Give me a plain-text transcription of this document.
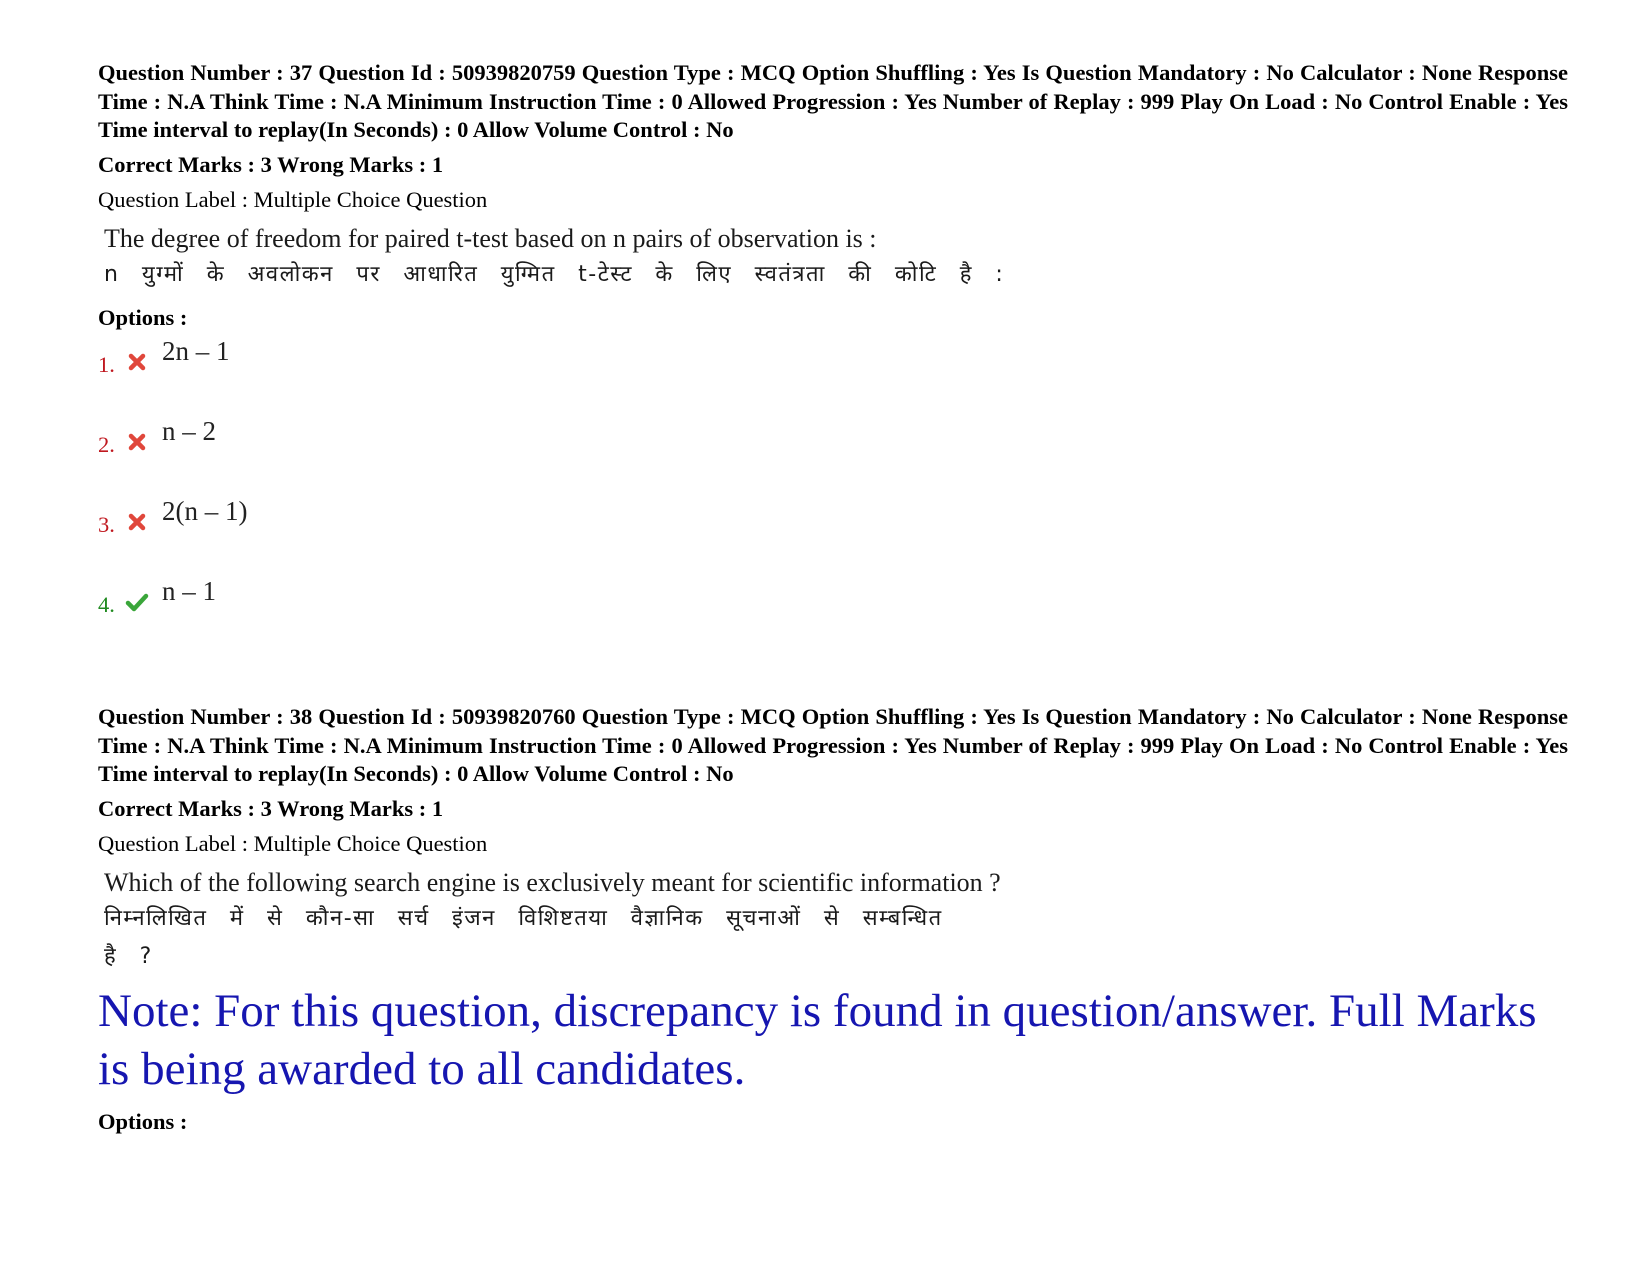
Question Number : 37 Question Id : 50939820759 Question Type : MCQ Option Shuffling : Yes Is Question Mandatory : No Calculator : None Response Time : N.A Think Time : N.A Minimum Instruction Time : 0 Allowed Progression : Yes Number of Replay : 999 Play On Load : No Control Enable : Yes Time interval to replay(In Seconds) : 0 Allow Volume Control : No

Correct Marks : 3 Wrong Marks : 1
Question Label : Multiple Choice Question
The degree of freedom for paired t-test based on n pairs of observation is :
n युग्मों के अवलोकन पर आधारित युग्मित t-टेस्ट के लिए स्वतंत्रता की कोटि है :
Options :
1. 2n – 1
2. n – 2
3. 2(n – 1)
4. n – 1

Question Number : 38 Question Id : 50939820760 Question Type : MCQ Option Shuffling : Yes Is Question Mandatory : No Calculator : None Response Time : N.A Think Time : N.A Minimum Instruction Time : 0 Allowed Progression : Yes Number of Replay : 999 Play On Load : No Control Enable : Yes Time interval to replay(In Seconds) : 0 Allow Volume Control : No

Correct Marks : 3 Wrong Marks : 1
Question Label : Multiple Choice Question
Which of the following search engine is exclusively meant for scientific information ?
निम्नलिखित में से कौन-सा सर्च इंजन विशिष्टतया वैज्ञानिक सूचनाओं से सम्बन्धित
है ?
Note: For this question, discrepancy is found in question/answer. Full Marks is being awarded to all candidates.
Options :
